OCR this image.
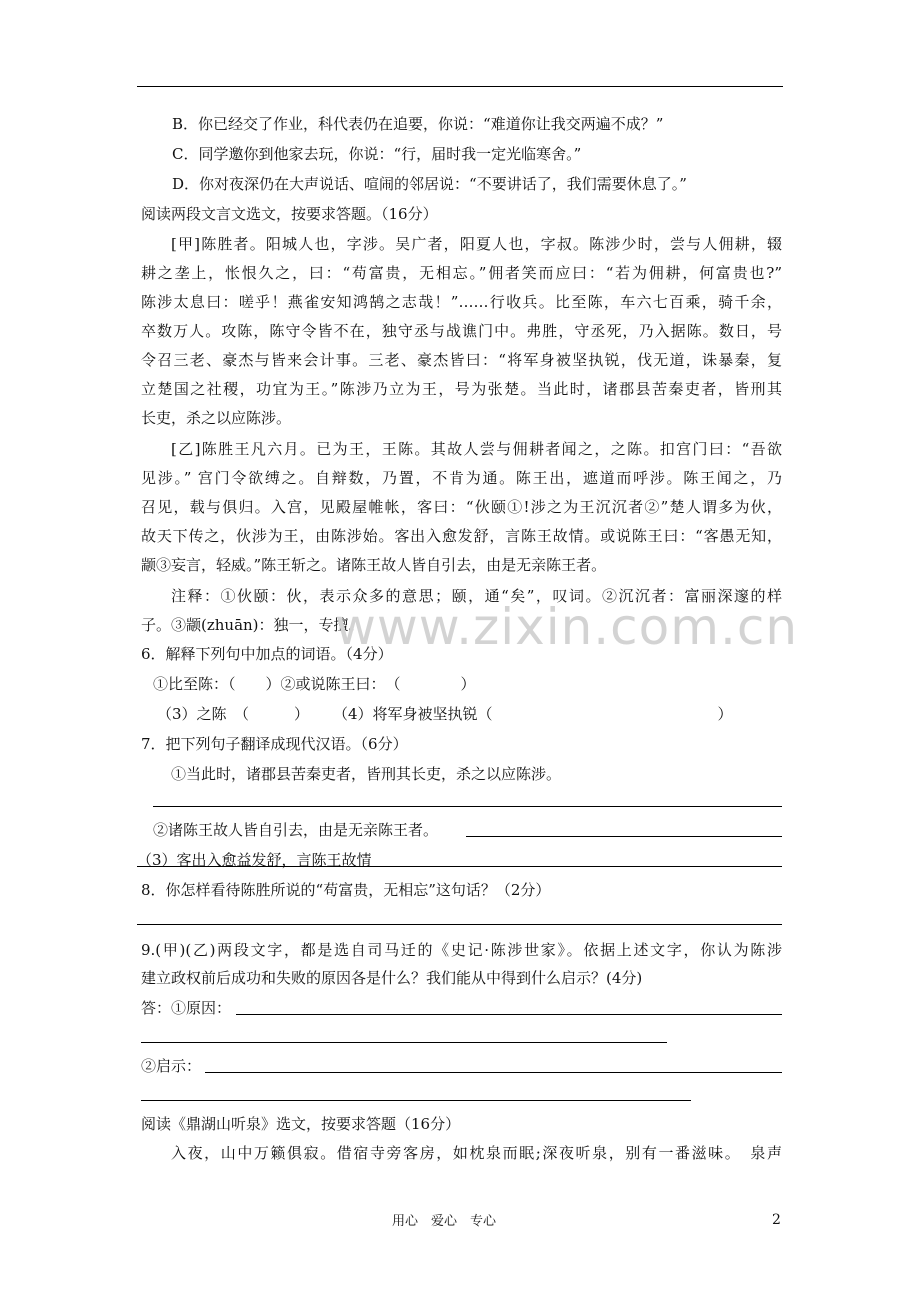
B．你已经交了作业，科代表仍在追要，你说：“难道你让我交两遍不成？”
C．同学邀你到他家去玩，你说：“行，届时我一定光临寒舍。”
D．你对夜深仍在大声说话、喧闹的邻居说：“不要讲话了，我们需要休息了。”
阅读两段文言文选文，按要求答题。（16分）
[甲]陈胜者。阳城人也，字涉。吴广者，阳夏人也，字叔。陈涉少时，尝与人佣耕，辍
耕之垄上，怅恨久之，曰：“苟富贵，无相忘。”佣者笑而应曰：“若为佣耕，何富贵也?”
陈涉太息曰：嗟乎！燕雀安知鸿鹄之志哉！”……行收兵。比至陈，车六七百乘，骑千余，
卒数万人。攻陈，陈守令皆不在，独守丞与战谯门中。弗胜，守丞死，乃入据陈。数日，号
令召三老、豪杰与皆来会计事。三老、豪杰皆曰：“将军身被坚执锐，伐无道，诛暴秦，复
立楚国之社稷，功宜为王。”陈涉乃立为王，号为张楚。当此时，诸郡县苦秦吏者，皆刑其
长吏，杀之以应陈涉。
[乙]陈胜王凡六月。已为王，王陈。其故人尝与佣耕者闻之，之陈。扣宫门曰：“吾欲
见涉。” 宫门令欲缚之。自辩数，乃置，不肯为通。陈王出，遮道而呼涉。陈王闻之，乃
召见，载与俱归。入宫，见殿屋帷帐，客曰：“伙颐①!涉之为王沉沉者②”楚人谓多为伙，
故天下传之，伙涉为王，由陈涉始。客出入愈发舒，言陈王故情。或说陈王曰：“客愚无知，
颛③妄言，轻威。”陈王斩之。诸陈王故人皆自引去，由是无亲陈王者。
注释：①伙颐：伙，表示众多的意思；颐，通“矣”，叹词。②沉沉者：富丽深邃的样
子。③颛(zhuān)：独一，专擅。
www.zixin.com.cn
6．解释下列句中加点的词语。（4分）
①比至陈：（　　）②或说陈王曰：　（　　　　）
（3）之陈　（　　　） （4）将军身被坚执锐（　　　　　　　　　　　　　　　）
7．把下列句子翻译成现代汉语。（6分）
①当此时，诸郡县苦秦吏者，皆刑其长吏，杀之以应陈涉。
②诸陈王故人皆自引去，由是无亲陈王者。
（3）客出入愈益发舒，言陈王故情
8．你怎样看待陈胜所说的“苟富贵，无相忘”这句话？（2分）
9.(甲)(乙)两段文字，都是选自司马迁的《史记·陈涉世家》。依据上述文字，你认为陈涉
建立政权前后成功和失败的原因各是什么？我们能从中得到什么启示？(4分)
答：①原因：
②启示：
阅读《鼎湖山听泉》选文，按要求答题（16分）
入夜，山中万籁俱寂。借宿寺旁客房，如枕泉而眠;深夜听泉，别有一番滋味。　泉声
用心　爱心　专心	2
